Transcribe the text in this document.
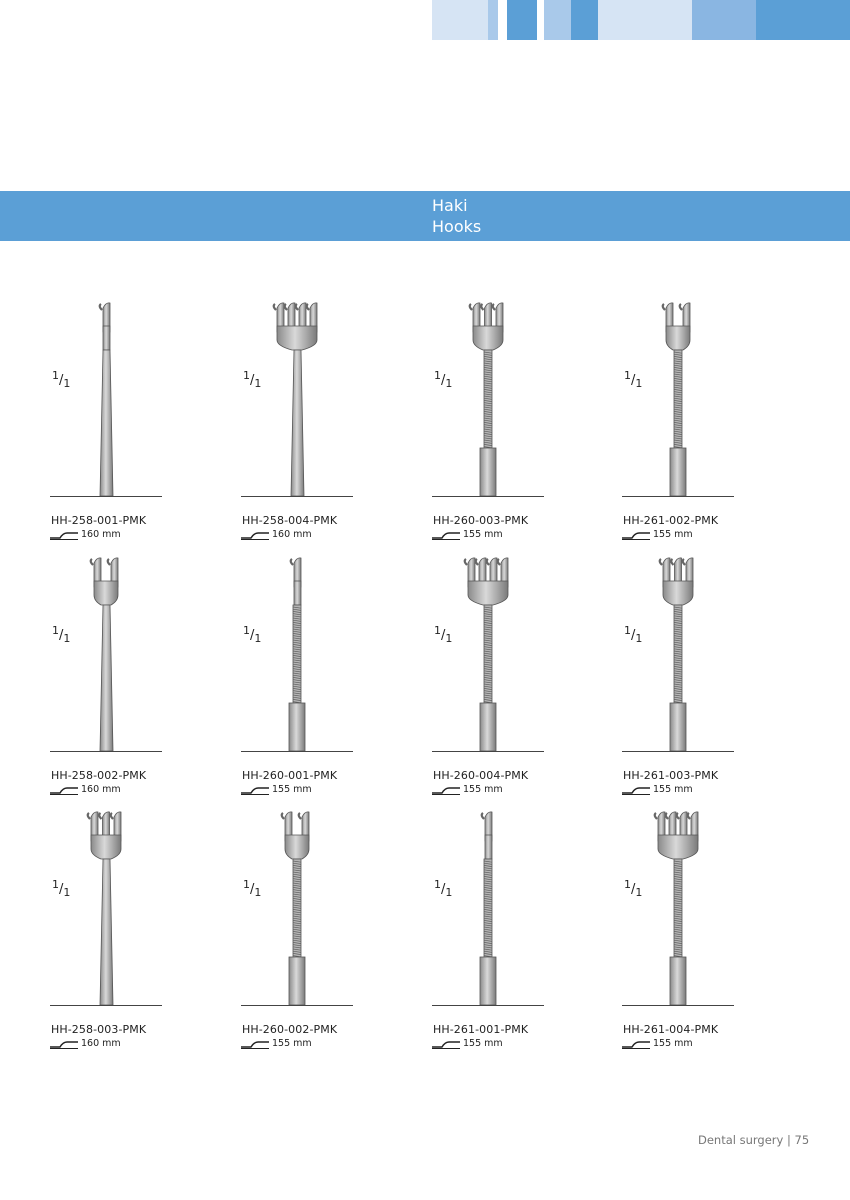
Haki
Hooks
1/1
HH-258-001-PMK
160 mm
1/1
HH-258-004-PMK
160 mm
1/1
HH-260-003-PMK
155 mm
1/1
HH-261-002-PMK
155 mm
1/1
HH-258-002-PMK
160 mm
1/1
HH-260-001-PMK
155 mm
1/1
HH-260-004-PMK
155 mm
1/1
HH-261-003-PMK
155 mm
1/1
HH-258-003-PMK
160 mm
1/1
HH-260-002-PMK
155 mm
1/1
HH-261-001-PMK
155 mm
1/1
HH-261-004-PMK
155 mm
Dental surgery | 75
